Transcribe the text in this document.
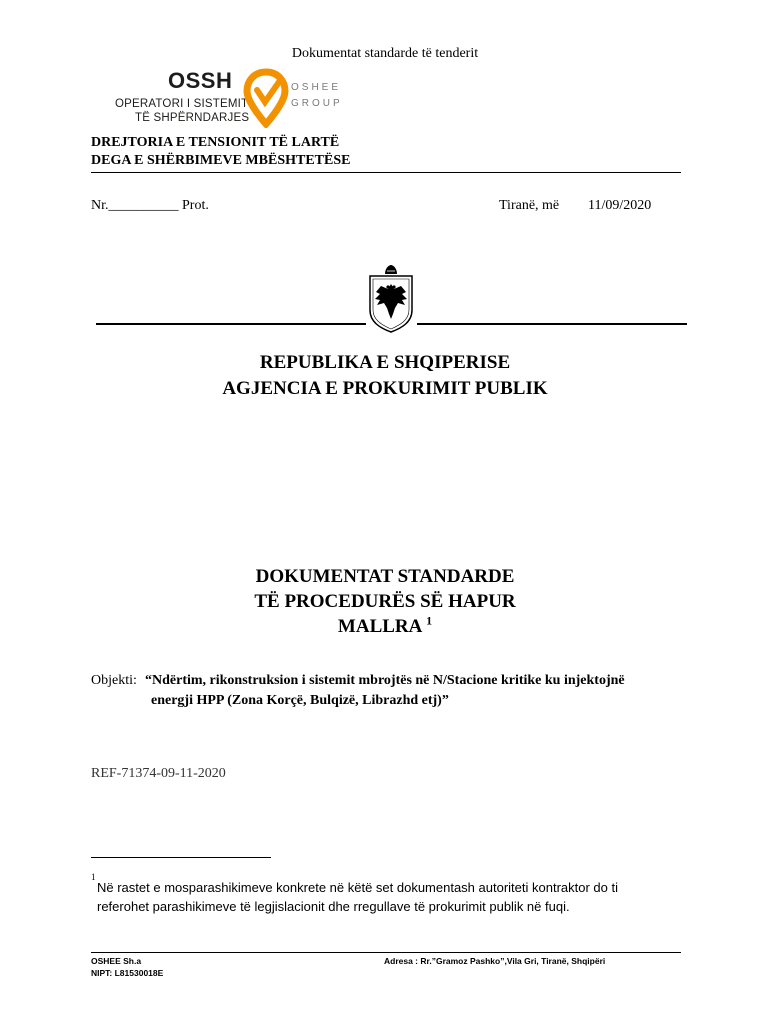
Dokumentat standarde të tenderit
OSSH
OPERATORI I SISTEMIT
TË SHPËRNDARJES
OSHEE
GROUP
DREJTORIA E TENSIONIT TË LARTË
DEGA E SHËRBIMEVE MBËSHTETËSE
Nr.__________ Prot.	Tiranë, më 11/09/2020
REPUBLIKA E SHQIPERISE
AGJENCIA E PROKURIMIT PUBLIK
DOKUMENTAT STANDARDE
TË PROCEDURËS SË HAPUR
MALLRA $^1$
Objekti: “Ndërtim, rikonstruksion i sistemit mbrojtës në N/Stacione kritike ku injektojnë
energji HPP (Zona Korçë, Bulqizë, Librazhd etj)”
REF-71374-09-11-2020
1
Në rastet e mosparashikimeve konkrete në këtë set dokumentash autoriteti kontraktor do ti
referohet parashikimeve të legjislacionit dhe rregullave të prokurimit publik në fuqi.
OSHEE Sh.a
NIPT: L81530018E
Adresa : Rr.”Gramoz Pashko”,Vila Gri, Tiranë, Shqipëri
